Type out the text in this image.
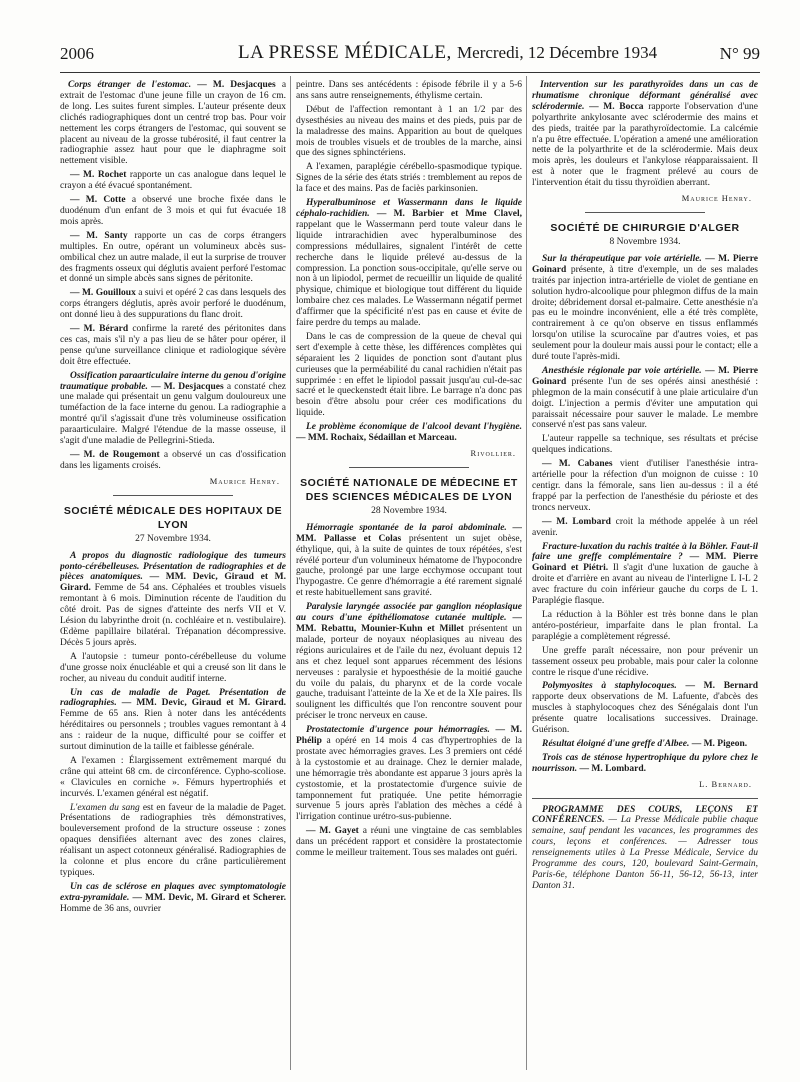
2006	LA PRESSE MÉDICALE, Mercredi, 12 Décembre 1934	N° 99

Corps étranger de l'estomac. — M. Desjacques a extrait de l'estomac d'une jeune fille un crayon de 16 cm. de long. Les suites furent simples. L'auteur présente deux clichés radiographiques dont un centré trop bas. Pour voir nettement les corps étrangers de l'estomac, qui souvent se placent au niveau de la grosse tubérosité, il faut centrer la radiographie assez haut pour que le diaphragme soit nettement visible.

— M. Rochet rapporte un cas analogue dans lequel le crayon a été évacué spontanément.

— M. Cotte a observé une broche fixée dans le duodénum d'un enfant de 3 mois et qui fut évacuée 18 mois après.

— M. Santy rapporte un cas de corps étrangers multiples. En outre, opérant un volumineux abcès sus-ombilical chez un autre malade, il eut la surprise de trouver des fragments osseux qui déglutis avaient perforé l'estomac et donné un simple abcès sans signes de péritonite.

— M. Gouilloux a suivi et opéré 2 cas dans lesquels des corps étrangers déglutis, après avoir perforé le duodénum, ont donné lieu à des suppurations du flanc droit.

— M. Bérard confirme la rareté des péritonites dans ces cas, mais s'il n'y a pas lieu de se hâter pour opérer, il pense qu'une surveillance clinique et radiologique sévère doit être effectuée.

Ossification paraarticulaire interne du genou d'origine traumatique probable. — M. Desjacques a constaté chez une malade qui présentait un genu valgum douloureux une tuméfaction de la face interne du genou. La radiographie a montré qu'il s'agissait d'une très volumineuse ossification paraarticulaire. Malgré l'étendue de la masse osseuse, il s'agit d'une maladie de Pellegrini-Stieda.

— M. de Rougemont a observé un cas d'ossification dans les ligaments croisés.

Maurice Henry.

SOCIÉTÉ MÉDICALE DES HOPITAUX DE LYON

27 Novembre 1934.

A propos du diagnostic radiologique des tumeurs ponto-cérébelleuses. Présentation de radiographies et de pièces anatomiques. — MM. Devic, Giraud et M. Girard. Femme de 54 ans. Céphalées et troubles visuels remontant à 6 mois. Diminution récente de l'audition du côté droit. Pas de signes d'atteinte des nerfs VII et V. Lésion du labyrinthe droit (n. cochléaire et n. vestibulaire). Œdème papillaire bilatéral. Trépanation décompressive. Décès 5 jours après.

A l'autopsie : tumeur ponto-cérébelleuse du volume d'une grosse noix énucléable et qui a creusé son lit dans le rocher, au niveau du conduit auditif interne.

Un cas de maladie de Paget. Présentation de radiographies. — MM. Devic, Giraud et M. Girard. Femme de 65 ans. Rien à noter dans les antécédents héréditaires ou personnels ; troubles vagues remontant à 4 ans : raideur de la nuque, difficulté pour se coiffer et surtout diminution de la taille et faiblesse générale.

A l'examen : Élargissement extrêmement marqué du crâne qui atteint 68 cm. de circonférence. Cypho-scoliose. « Clavicules en corniche ». Fémurs hypertrophiés et incurvés. L'examen général est négatif.

L'examen du sang est en faveur de la maladie de Paget. Présentations de radiographies très démonstratives, bouleversement profond de la structure osseuse : zones opaques densifiées alternant avec des zones claires, réalisant un aspect cotonneux généralisé. Radiographies de la colonne et plus encore du crâne particulièrement typiques.

Un cas de sclérose en plaques avec symptomatologie extra-pyramidale. — MM. Devic, M. Girard et Scherer. Homme de 36 ans, ouvrier

peintre. Dans ses antécédents : épisode fébrile il y a 5-6 ans sans autre renseignements, éthylisme certain.

Début de l'affection remontant à 1 an 1/2 par des dysesthésies au niveau des mains et des pieds, puis par de la maladresse des mains. Apparition au bout de quelques mois de troubles visuels et de troubles de la marche, ainsi que des signes sphinctériens.

A l'examen, paraplégie cérébello-spasmodique typique. Signes de la série des états striés : tremblement au repos de la face et des mains. Pas de faciès parkinsonien.

Hyperalbuminose et Wassermann dans le liquide céphalo-rachidien. — M. Barbier et Mme Clavel, rappelant que le Wassermann perd toute valeur dans le liquide intrarachidien avec hyperalbuminose des compressions médullaires, signalent l'intérêt de cette recherche dans le liquide prélevé au-dessus de la compression. La ponction sous-occipitale, qu'elle serve ou non à un lipiodol, permet de recueillir un liquide de qualité physique, chimique et biologique tout différent du liquide lombaire chez ces malades. Le Wassermann négatif permet d'affirmer que la spécificité n'est pas en cause et évite de faire perdre du temps au malade.

Dans le cas de compression de la queue de cheval qui sert d'exemple à cette thèse, les différences complètes qui séparaient les 2 liquides de ponction sont d'autant plus curieuses que la perméabilité du canal rachidien n'était pas supprimée : en effet le lipiodol passait jusqu'au cul-de-sac sacré et le queckenstedt était libre. Le barrage n'a donc pas besoin d'être absolu pour créer ces modifications du liquide.

Le problème économique de l'alcool devant l'hygiène. — MM. Rochaix, Sédaillan et Marceau.

Rivollier.

SOCIÉTÉ NATIONALE DE MÉDECINE ET DES SCIENCES MÉDICALES DE LYON

28 Novembre 1934.

Hémorragie spontanée de la paroi abdominale. — MM. Pallasse et Colas présentent un sujet obèse, éthylique, qui, à la suite de quintes de toux répétées, s'est révélé porteur d'un volumineux hématome de l'hypocondre gauche, prolongé par une large ecchymose occupant tout l'hypogastre. Ce genre d'hémorragie a été rarement signalé et reste habituellement sans gravité.

Paralysie laryngée associée par ganglion néoplasique au cours d'une épithéliomatose cutanée multiple. — MM. Rebattu, Mounier-Kuhn et Millet présentent un malade, porteur de noyaux néoplasiques au niveau des régions auriculaires et de l'aile du nez, évoluant depuis 12 ans et chez lequel sont apparues récemment des lésions nerveuses : paralysie et hypoesthésie de la moitié gauche du voile du palais, du pharynx et de la corde vocale gauche, traduisant l'atteinte de la Xe et de la XIe paires. Ils soulignent les difficultés que l'on rencontre souvent pour préciser le tronc nerveux en cause.

Prostatectomie d'urgence pour hémorragies. — M. Phélip a opéré en 14 mois 4 cas d'hypertrophies de la prostate avec hémorragies graves. Les 3 premiers ont cédé à la cystostomie et au drainage. Chez le dernier malade, une hémorragie très abondante est apparue 3 jours après la cystostomie, et la prostatectomie d'urgence suivie de tamponnement fut pratiquée. Une petite hémorragie survenue 5 jours après l'ablation des mèches a cédé à l'irrigation continue urétro-sus-pubienne.

— M. Gayet a réuni une vingtaine de cas semblables dans un précédent rapport et considère la prostatectomie comme le meilleur traitement. Tous ses malades ont guéri.

Intervention sur les parathyroïdes dans un cas de rhumatisme chronique déformant généralisé avec sclérodermie. — M. Bocca rapporte l'observation d'une polyarthrite ankylosante avec sclérodermie des mains et des pieds, traitée par la parathyroïdectomie. La calcémie n'a pu être effectuée. L'opération a amené une amélioration nette de la polyarthrite et de la sclérodermie. Mais deux mois après, les douleurs et l'ankylose réapparaissaient. Il est à noter que le fragment prélevé au cours de l'intervention était du tissu thyroïdien aberrant.

Maurice Henry.

SOCIÉTÉ DE CHIRURGIE D'ALGER

8 Novembre 1934.

Sur la thérapeutique par voie artérielle. — M. Pierre Goinard présente, à titre d'exemple, un de ses malades traités par injection intra-artérielle de violet de gentiane en solution hydro-alcoolique pour phlegmon diffus de la main droite; débridement dorsal et-palmaire. Cette anesthésie n'a pas eu le moindre inconvénient, elle a été très complète, contrairement à ce qu'on observe en tissus enflammés lorsqu'on utilise la scurocaïne par d'autres voies, et pas seulement pour la douleur mais aussi pour le contact; elle a duré toute l'après-midi.

Anesthésie régionale par voie artérielle. — M. Pierre Goinard présente l'un de ses opérés ainsi anesthésié : phlegmon de la main consécutif à une plaie articulaire d'un doigt. L'injection a permis d'éviter une amputation qui paraissait nécessaire pour sauver le malade. Le membre conservé n'est pas sans valeur.

L'auteur rappelle sa technique, ses résultats et précise quelques indications.

— M. Cabanes vient d'utiliser l'anesthésie intra-artérielle pour la réfection d'un moignon de cuisse : 10 centigr. dans la fémorale, sans lien au-dessus : il a été frappé par la perfection de l'anesthésie du périoste et des troncs nerveux.

— M. Lombard croit la méthode appelée à un réel avenir.

Fracture-luxation du rachis traitée à la Böhler. Faut-il faire une greffe complémentaire ? — MM. Pierre Goinard et Piétri. Il s'agit d'une luxation de gauche à droite et d'arrière en avant au niveau de l'interligne L I-L 2 avec fracture du coin inférieur gauche du corps de L 1. Paraplégie flasque.

La réduction à la Böhler est très bonne dans le plan antéro-postérieur, imparfaite dans le plan frontal. La paraplégie a complètement régressé.

Une greffe paraît nécessaire, non pour prévenir un tassement osseux peu probable, mais pour caler la colonne contre le risque d'une récidive.

Polymyosites à staphylocoques. — M. Bernard rapporte deux observations de M. Lafuente, d'abcès des muscles à staphylocoques chez des Sénégalais dont l'un présente quatre localisations successives. Drainage. Guérison.

Résultat éloigné d'une greffe d'Albee. — M. Pigeon.

Trois cas de sténose hypertrophique du pylore chez le nourrisson. — M. Lombard.

L. Bernard.

PROGRAMME DES COURS, LEÇONS ET CONFÉRENCES. — La Presse Médicale publie chaque semaine, sauf pendant les vacances, les programmes des cours, leçons et conférences. — Adresser tous renseignements utiles à La Presse Médicale, Service du Programme des cours, 120, boulevard Saint-Germain, Paris-6e, téléphone Danton 56-11, 56-12, 56-13, inter Danton 31.
